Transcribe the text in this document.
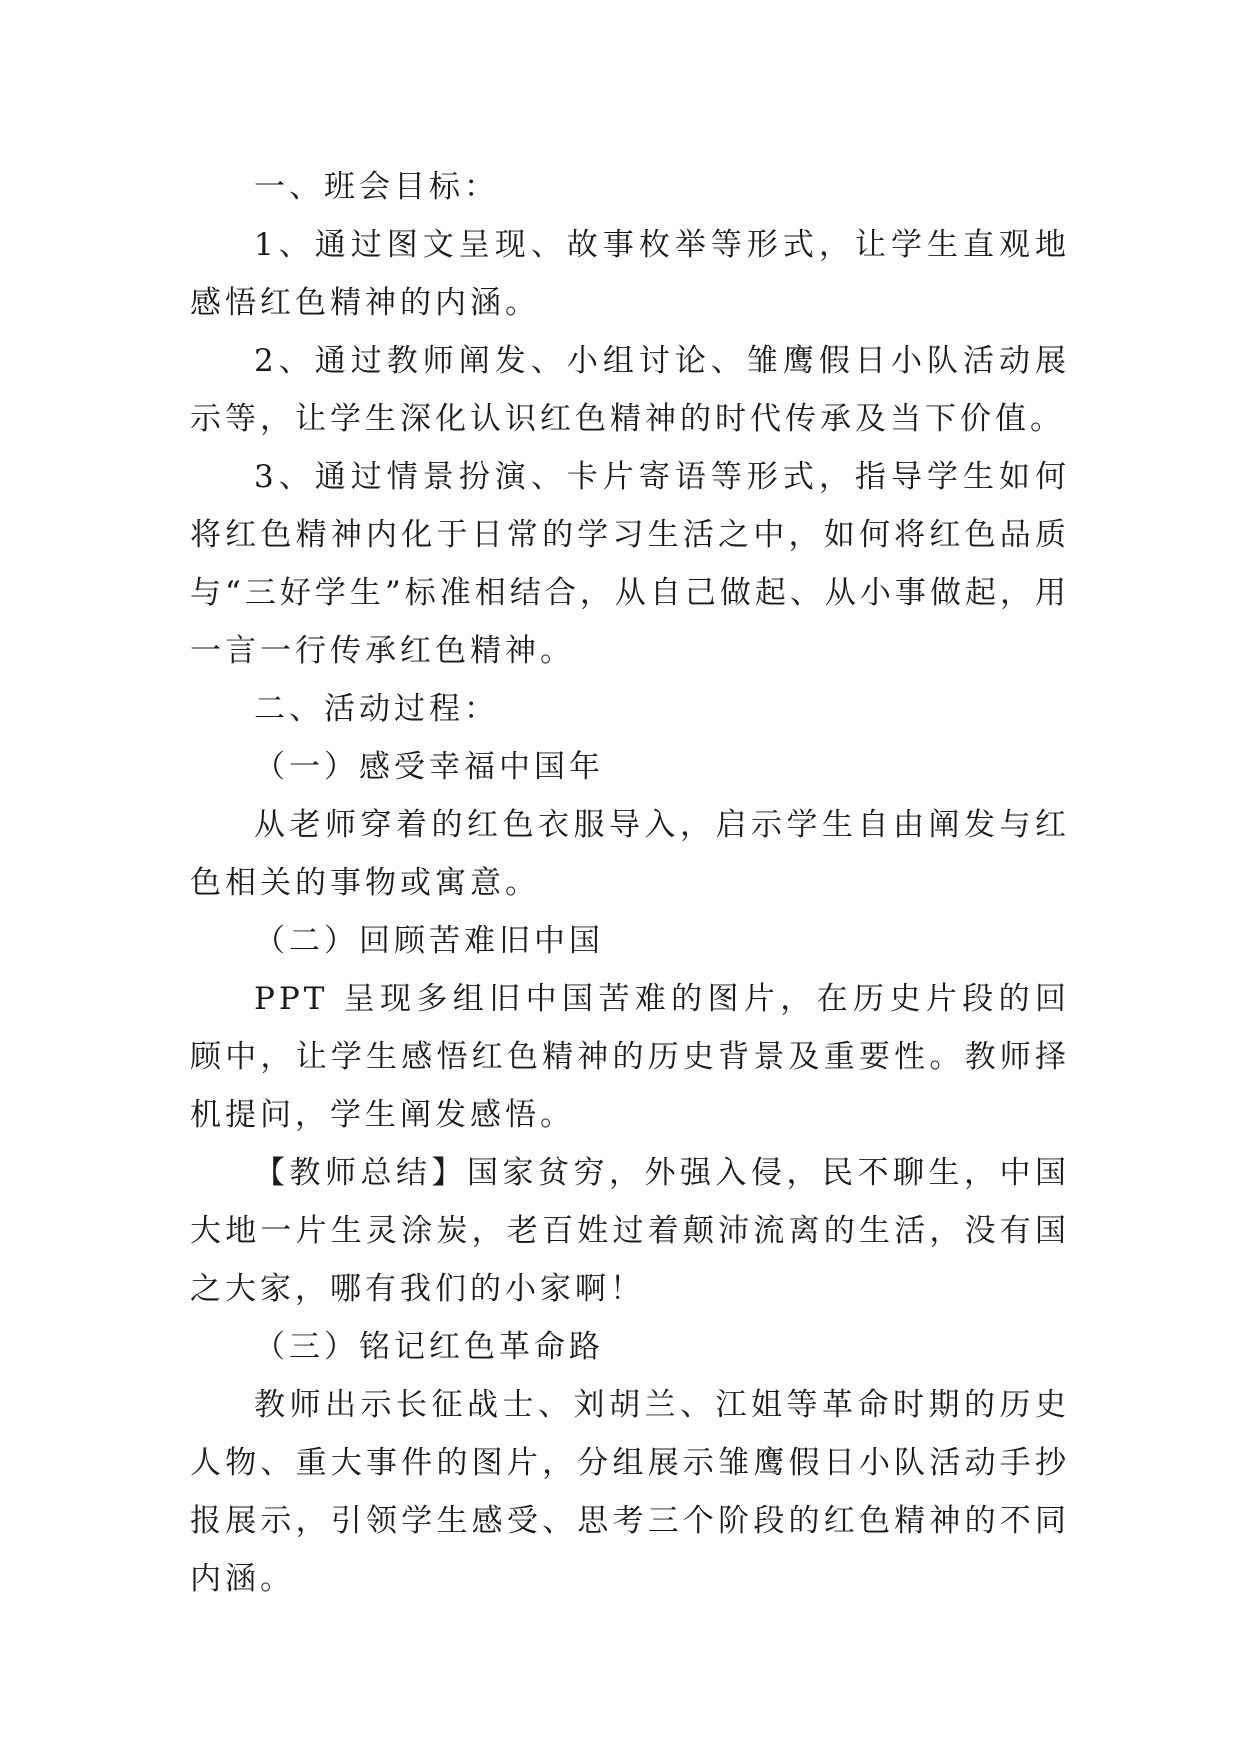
一、班会目标：

1、通过图文呈现、故事枚举等形式，让学生直观地感悟红色精神的内涵。

2、通过教师阐发、小组讨论、雏鹰假日小队活动展示等，让学生深化认识红色精神的时代传承及当下价值。

3、通过情景扮演、卡片寄语等形式，指导学生如何将红色精神内化于日常的学习生活之中，如何将红色品质与“三好学生”标准相结合，从自己做起、从小事做起，用一言一行传承红色精神。

二、活动过程：

（一）感受幸福中国年

从老师穿着的红色衣服导入，启示学生自由阐发与红色相关的事物或寓意。

（二）回顾苦难旧中国

PPT 呈现多组旧中国苦难的图片，在历史片段的回顾中，让学生感悟红色精神的历史背景及重要性。教师择机提问，学生阐发感悟。

【教师总结】国家贫穷，外强入侵，民不聊生，中国大地一片生灵涂炭，老百姓过着颠沛流离的生活，没有国之大家，哪有我们的小家啊！

（三）铭记红色革命路

教师出示长征战士、刘胡兰、江姐等革命时期的历史人物、重大事件的图片，分组展示雏鹰假日小队活动手抄报展示，引领学生感受、思考三个阶段的红色精神的不同内涵。
